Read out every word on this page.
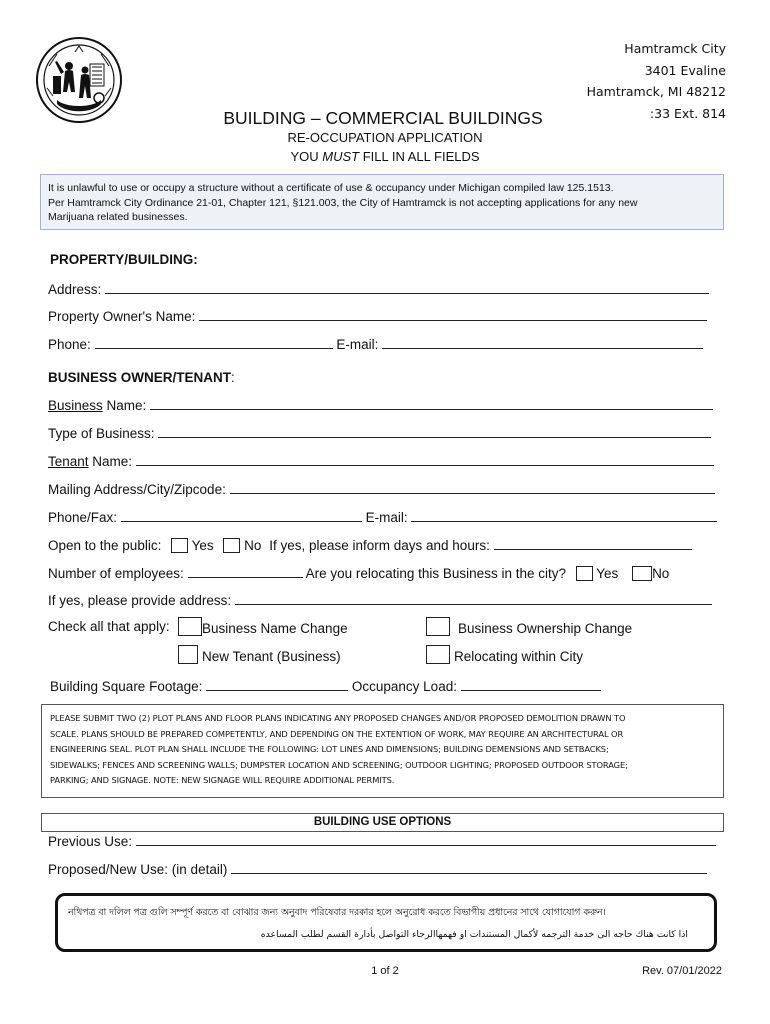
Hamtramck City
3401 Evaline
Hamtramck, MI 48212
:33 Ext. 814
BUILDING – COMMERCIAL BUILDINGS
RE-OCCUPATION APPLICATION
YOU MUST FILL IN ALL FIELDS
It is unlawful to use or occupy a structure without a certificate of use & occupancy under Michigan compiled law 125.1513.
Per Hamtramck City Ordinance 21-01, Chapter 121, §121.003, the City of Hamtramck is not accepting applications for any new
Marijuana related businesses.
PROPERTY/BUILDING:
Address:
Property Owner's Name:
Phone:	E-mail:
BUSINESS OWNER/TENANT:
Business Name:
Type of Business:
Tenant Name:
Mailing Address/City/Zipcode:
Phone/Fax:	E-mail:
Open to the public: Yes No If yes, please inform days and hours:
Number of employees:	Are you relocating this Business in the city? Yes	No
If yes, please provide address:
Check all that apply:	Business Name Change	Business Ownership Change
New Tenant (Business)	Relocating within City
Building Square Footage:	Occupancy Load:
PLEASE SUBMIT TWO (2) PLOT PLANS AND FLOOR PLANS INDICATING ANY PROPOSED CHANGES AND/OR PROPOSED DEMOLITION DRAWN TO
SCALE. PLANS SHOULD BE PREPARED COMPETENTLY, AND DEPENDING ON THE EXTENTION OF WORK, MAY REQUIRE AN ARCHITECTURAL OR
ENGINEERING SEAL. PLOT PLAN SHALL INCLUDE THE FOLLOWING: LOT LINES AND DIMENSIONS; BUILDING DEMENSIONS AND SETBACKS;
SIDEWALKS; FENCES AND SCREENING WALLS; DUMPSTER LOCATION AND SCREENING; OUTDOOR LIGHTING; PROPOSED OUTDOOR STORAGE;
PARKING; AND SIGNAGE. NOTE: NEW SIGNAGE WILL REQUIRE ADDITIONAL PERMITS.
BUILDING USE OPTIONS
Previous Use:
Proposed/New Use: (in detail)
নথিপত্র বা দলিল পত্র গুলি সম্পূর্ণ করতে বা বোঝার জন্য অনুবাদ পরিষেবার দরকার হলে অনুরোধ করতে বিভাগীয় প্রধানের সাথে যোগাযোগ করুন।
اذا كانت هناك حاجه الى خدمة الترجمه لأكمال المستندات او فهمهاالرجاء التواصل بأدارة القسم لطلب المساعده
1 of 2	Rev. 07/01/2022
